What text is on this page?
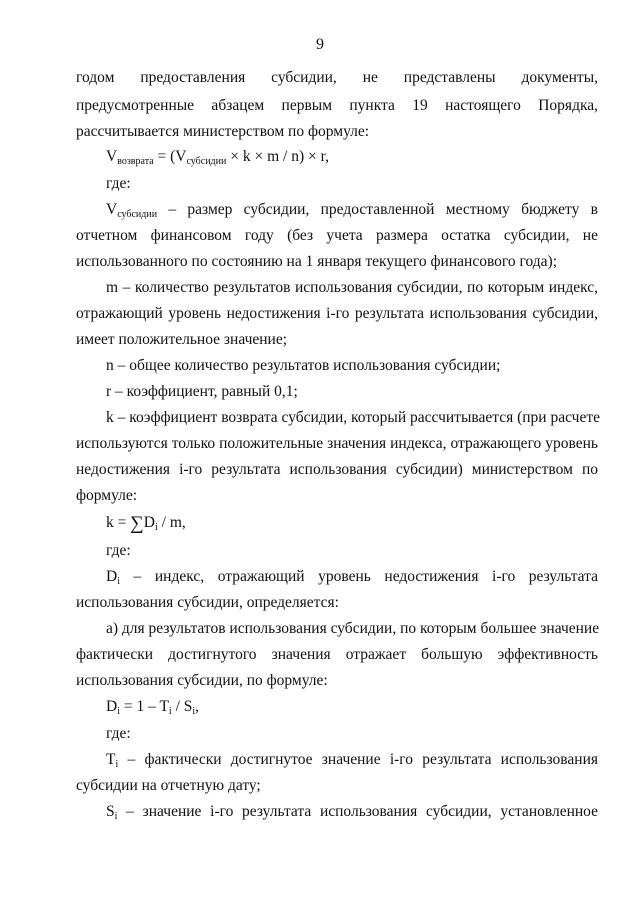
9
годом предоставления субсидии, не представлены документы,
предусмотренные абзацем первым пункта 19 настоящего Порядка,
рассчитывается министерством по формуле:
Vвозврата = (Vсубсидии × k × m / n) × r,
где:
Vсубсидии – размер субсидии, предоставленной местному бюджету в
отчетном финансовом году (без учета размера остатка субсидии, не
использованного по состоянию на 1 января текущего финансового года);
m – количество результатов использования субсидии, по которым индекс,
отражающий уровень недостижения i-го результата использования субсидии,
имеет положительное значение;
n – общее количество результатов использования субсидии;
r – коэффициент, равный 0,1;
k – коэффициент возврата субсидии, который рассчитывается (при расчете
используются только положительные значения индекса, отражающего уровень
недостижения i-го результата использования субсидии) министерством по
формуле:
k = ∑Di / m,
где:
Di – индекс, отражающий уровень недостижения i-го результата
использования субсидии, определяется:
а) для результатов использования субсидии, по которым большее значение
фактически достигнутого значения отражает большую эффективность
использования субсидии, по формуле:
Di = 1 – Ti / Si,
где:
Ti – фактически достигнутое значение i-го результата использования
субсидии на отчетную дату;
Si – значение i-го результата использования субсидии, установленное
